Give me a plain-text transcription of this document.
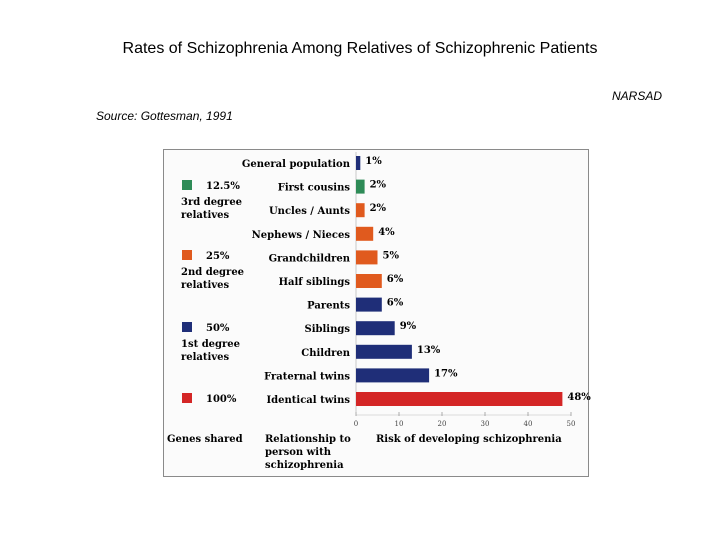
Rates of Schizophrenia Among Relatives of Schizophrenic Patients
NARSAD
Source: Gottesman, 1991
General population 1%
First cousins 2%
Uncles / Aunts 2%
Nephews / Nieces	4%
Grandchildren	5%
Half siblings	6%
Parents	6%
Siblings	9%
Children	13%
Fraternal twins	17%
Identical twins	48%
0	10	20	30	40	50
12.5%
3rd degree
relatives
25%
2nd degree
relatives
50%
1st degree
relatives
100%
Genes shared Relationship to
person with
schizophrenia
Risk of developing schizophrenia
